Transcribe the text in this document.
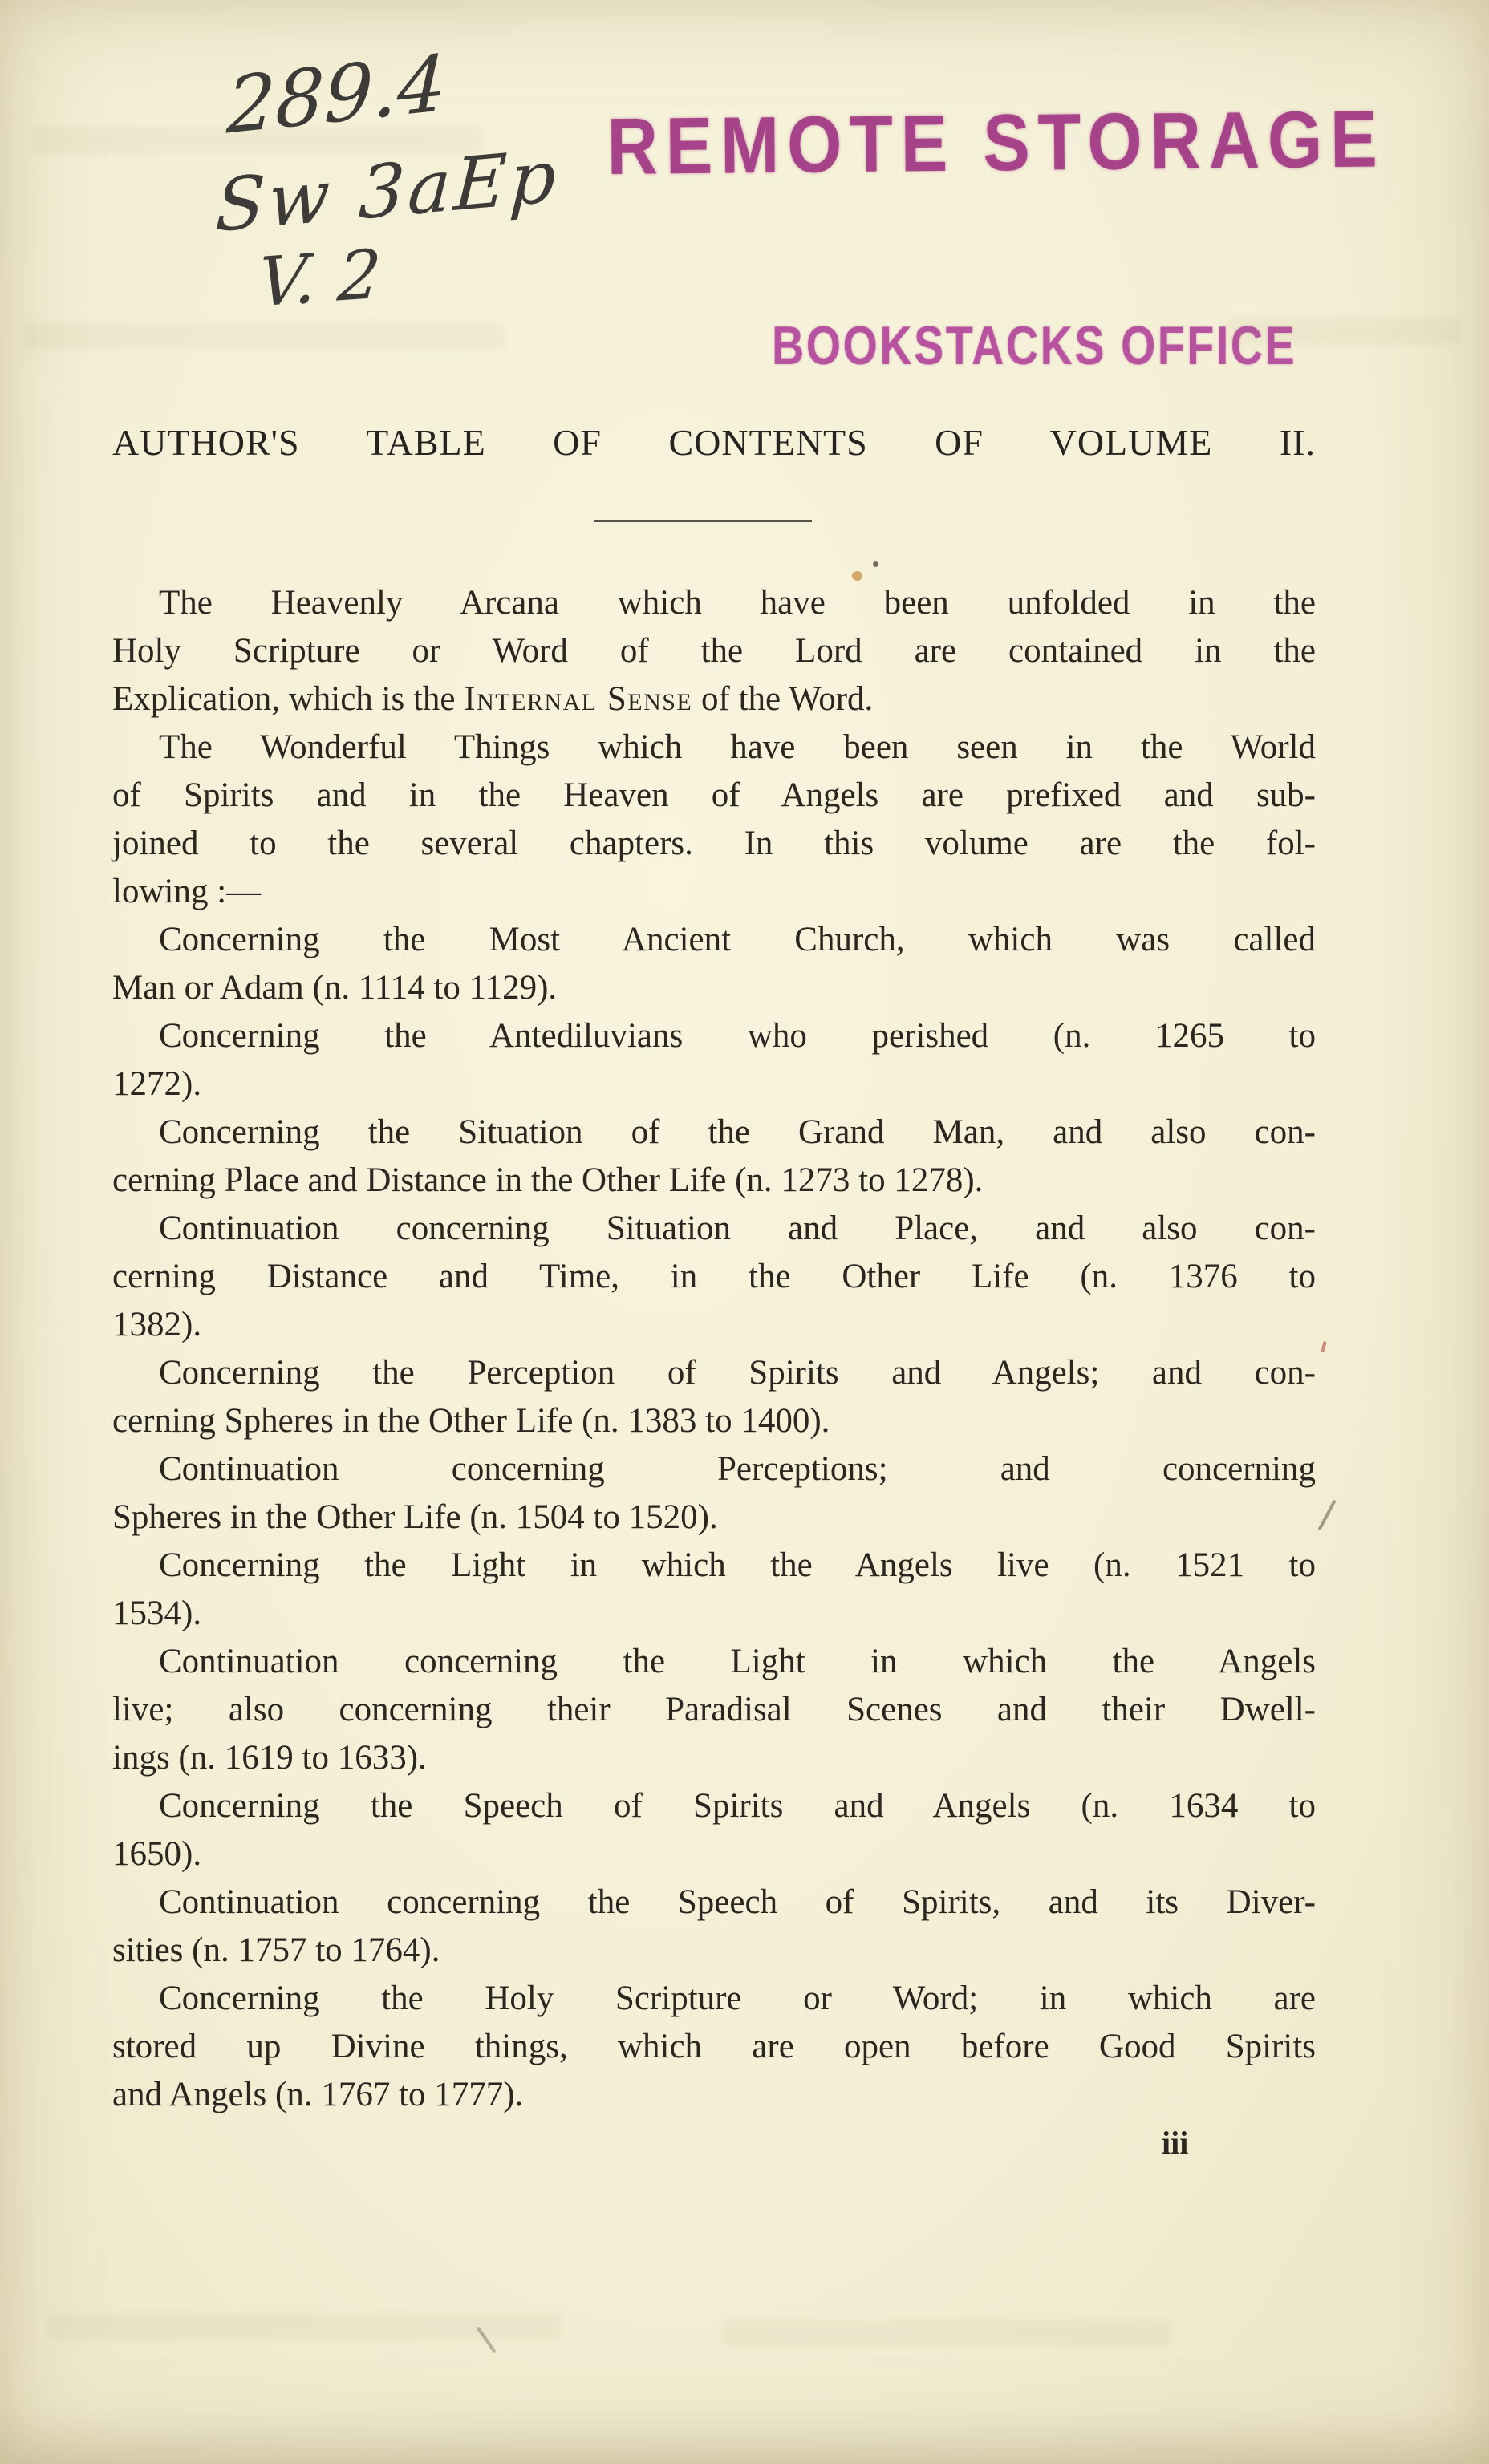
289.4
Sw 3aEp
V. 2
REMOTE STORAGE
BOOKSTACKS OFFICE
AUTHOR'S TABLE OF CONTENTS OF VOLUME II.
The Heavenly Arcana which have been unfolded in the
Holy Scripture or Word of the Lord are contained in the
Explication, which is the Internal Sense of the Word.
The Wonderful Things which have been seen in the World
of Spirits and in the Heaven of Angels are prefixed and sub-
joined to the several chapters. In this volume are the fol-
lowing :—
Concerning the Most Ancient Church, which was called
Man or Adam (n. 1114 to 1129).
Concerning the Antediluvians who perished (n. 1265 to
1272).
Concerning the Situation of the Grand Man, and also con-
cerning Place and Distance in the Other Life (n. 1273 to 1278).
Continuation concerning Situation and Place, and also con-
cerning Distance and Time, in the Other Life (n. 1376 to
1382).
Concerning the Perception of Spirits and Angels; and con-
cerning Spheres in the Other Life (n. 1383 to 1400).
Continuation concerning Perceptions; and concerning
Spheres in the Other Life (n. 1504 to 1520).
Concerning the Light in which the Angels live (n. 1521 to
1534).
Continuation concerning the Light in which the Angels
live; also concerning their Paradisal Scenes and their Dwell-
ings (n. 1619 to 1633).
Concerning the Speech of Spirits and Angels (n. 1634 to
1650).
Continuation concerning the Speech of Spirits, and its Diver-
sities (n. 1757 to 1764).
Concerning the Holy Scripture or Word; in which are
stored up Divine things, which are open before Good Spirits
and Angels (n. 1767 to 1777).
iii
